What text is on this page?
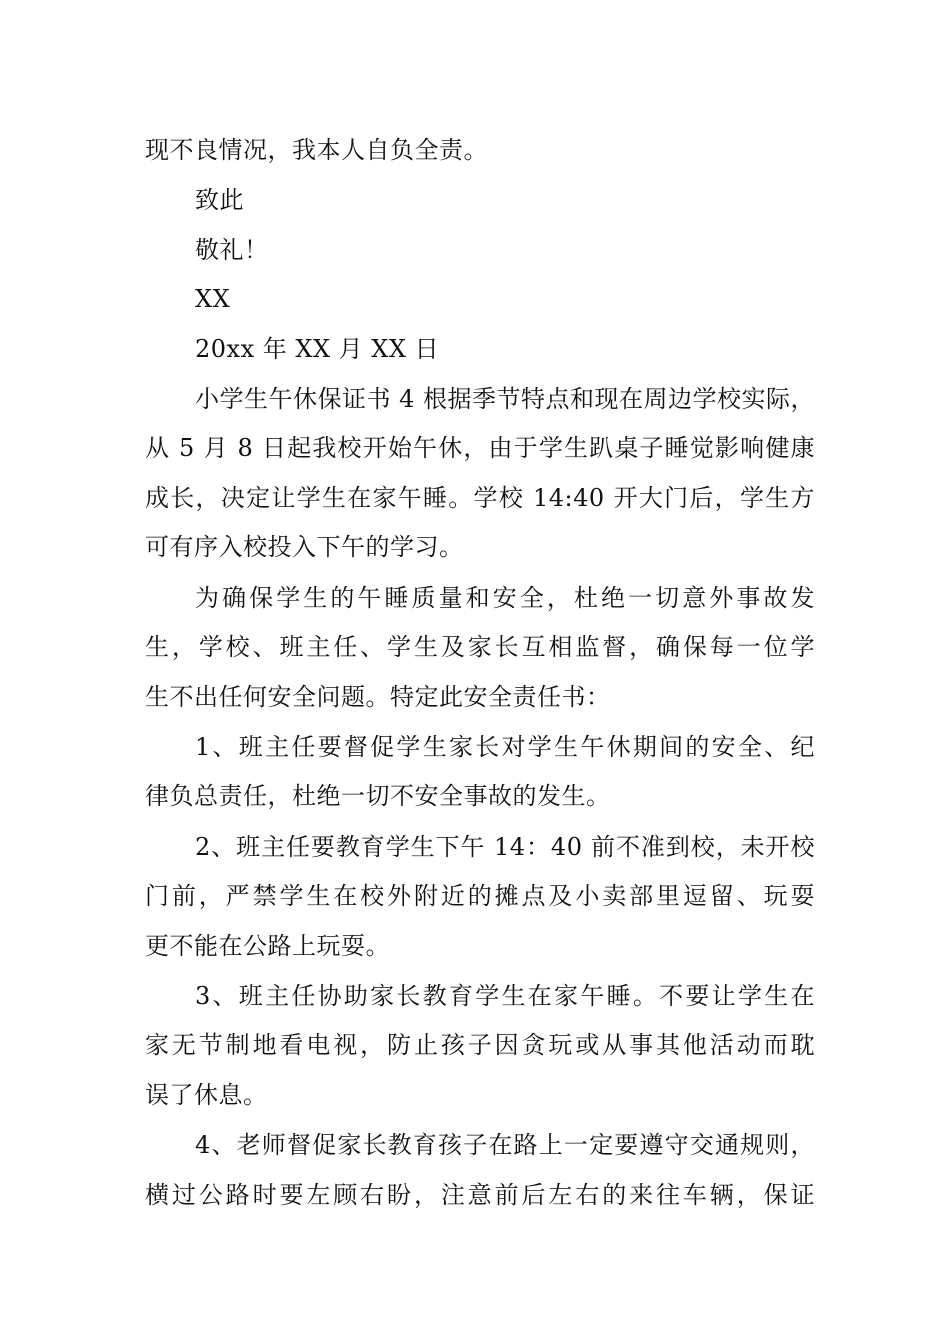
现不良情况，我本人自负全责。
致此
敬礼！
XX
20xx 年 XX 月 XX 日
小学生午休保证书 4 根据季节特点和现在周边学校实际，
从 5 月 8 日起我校开始午休，由于学生趴桌子睡觉影响健康
成长，决定让学生在家午睡。学校 14:40 开大门后，学生方
可有序入校投入下午的学习。
为确保学生的午睡质量和安全，杜绝一切意外事故发
生，学校、班主任、学生及家长互相监督，确保每一位学
生不出任何安全问题。特定此安全责任书：
1、班主任要督促学生家长对学生午休期间的安全、纪
律负总责任，杜绝一切不安全事故的发生。
2、班主任要教育学生下午 14：40 前不准到校，未开校
门前，严禁学生在校外附近的摊点及小卖部里逗留、玩耍
更不能在公路上玩耍。
3、班主任协助家长教育学生在家午睡。不要让学生在
家无节制地看电视，防止孩子因贪玩或从事其他活动而耽
误了休息。
4、老师督促家长教育孩子在路上一定要遵守交通规则，
横过公路时要左顾右盼，注意前后左右的来往车辆，保证
